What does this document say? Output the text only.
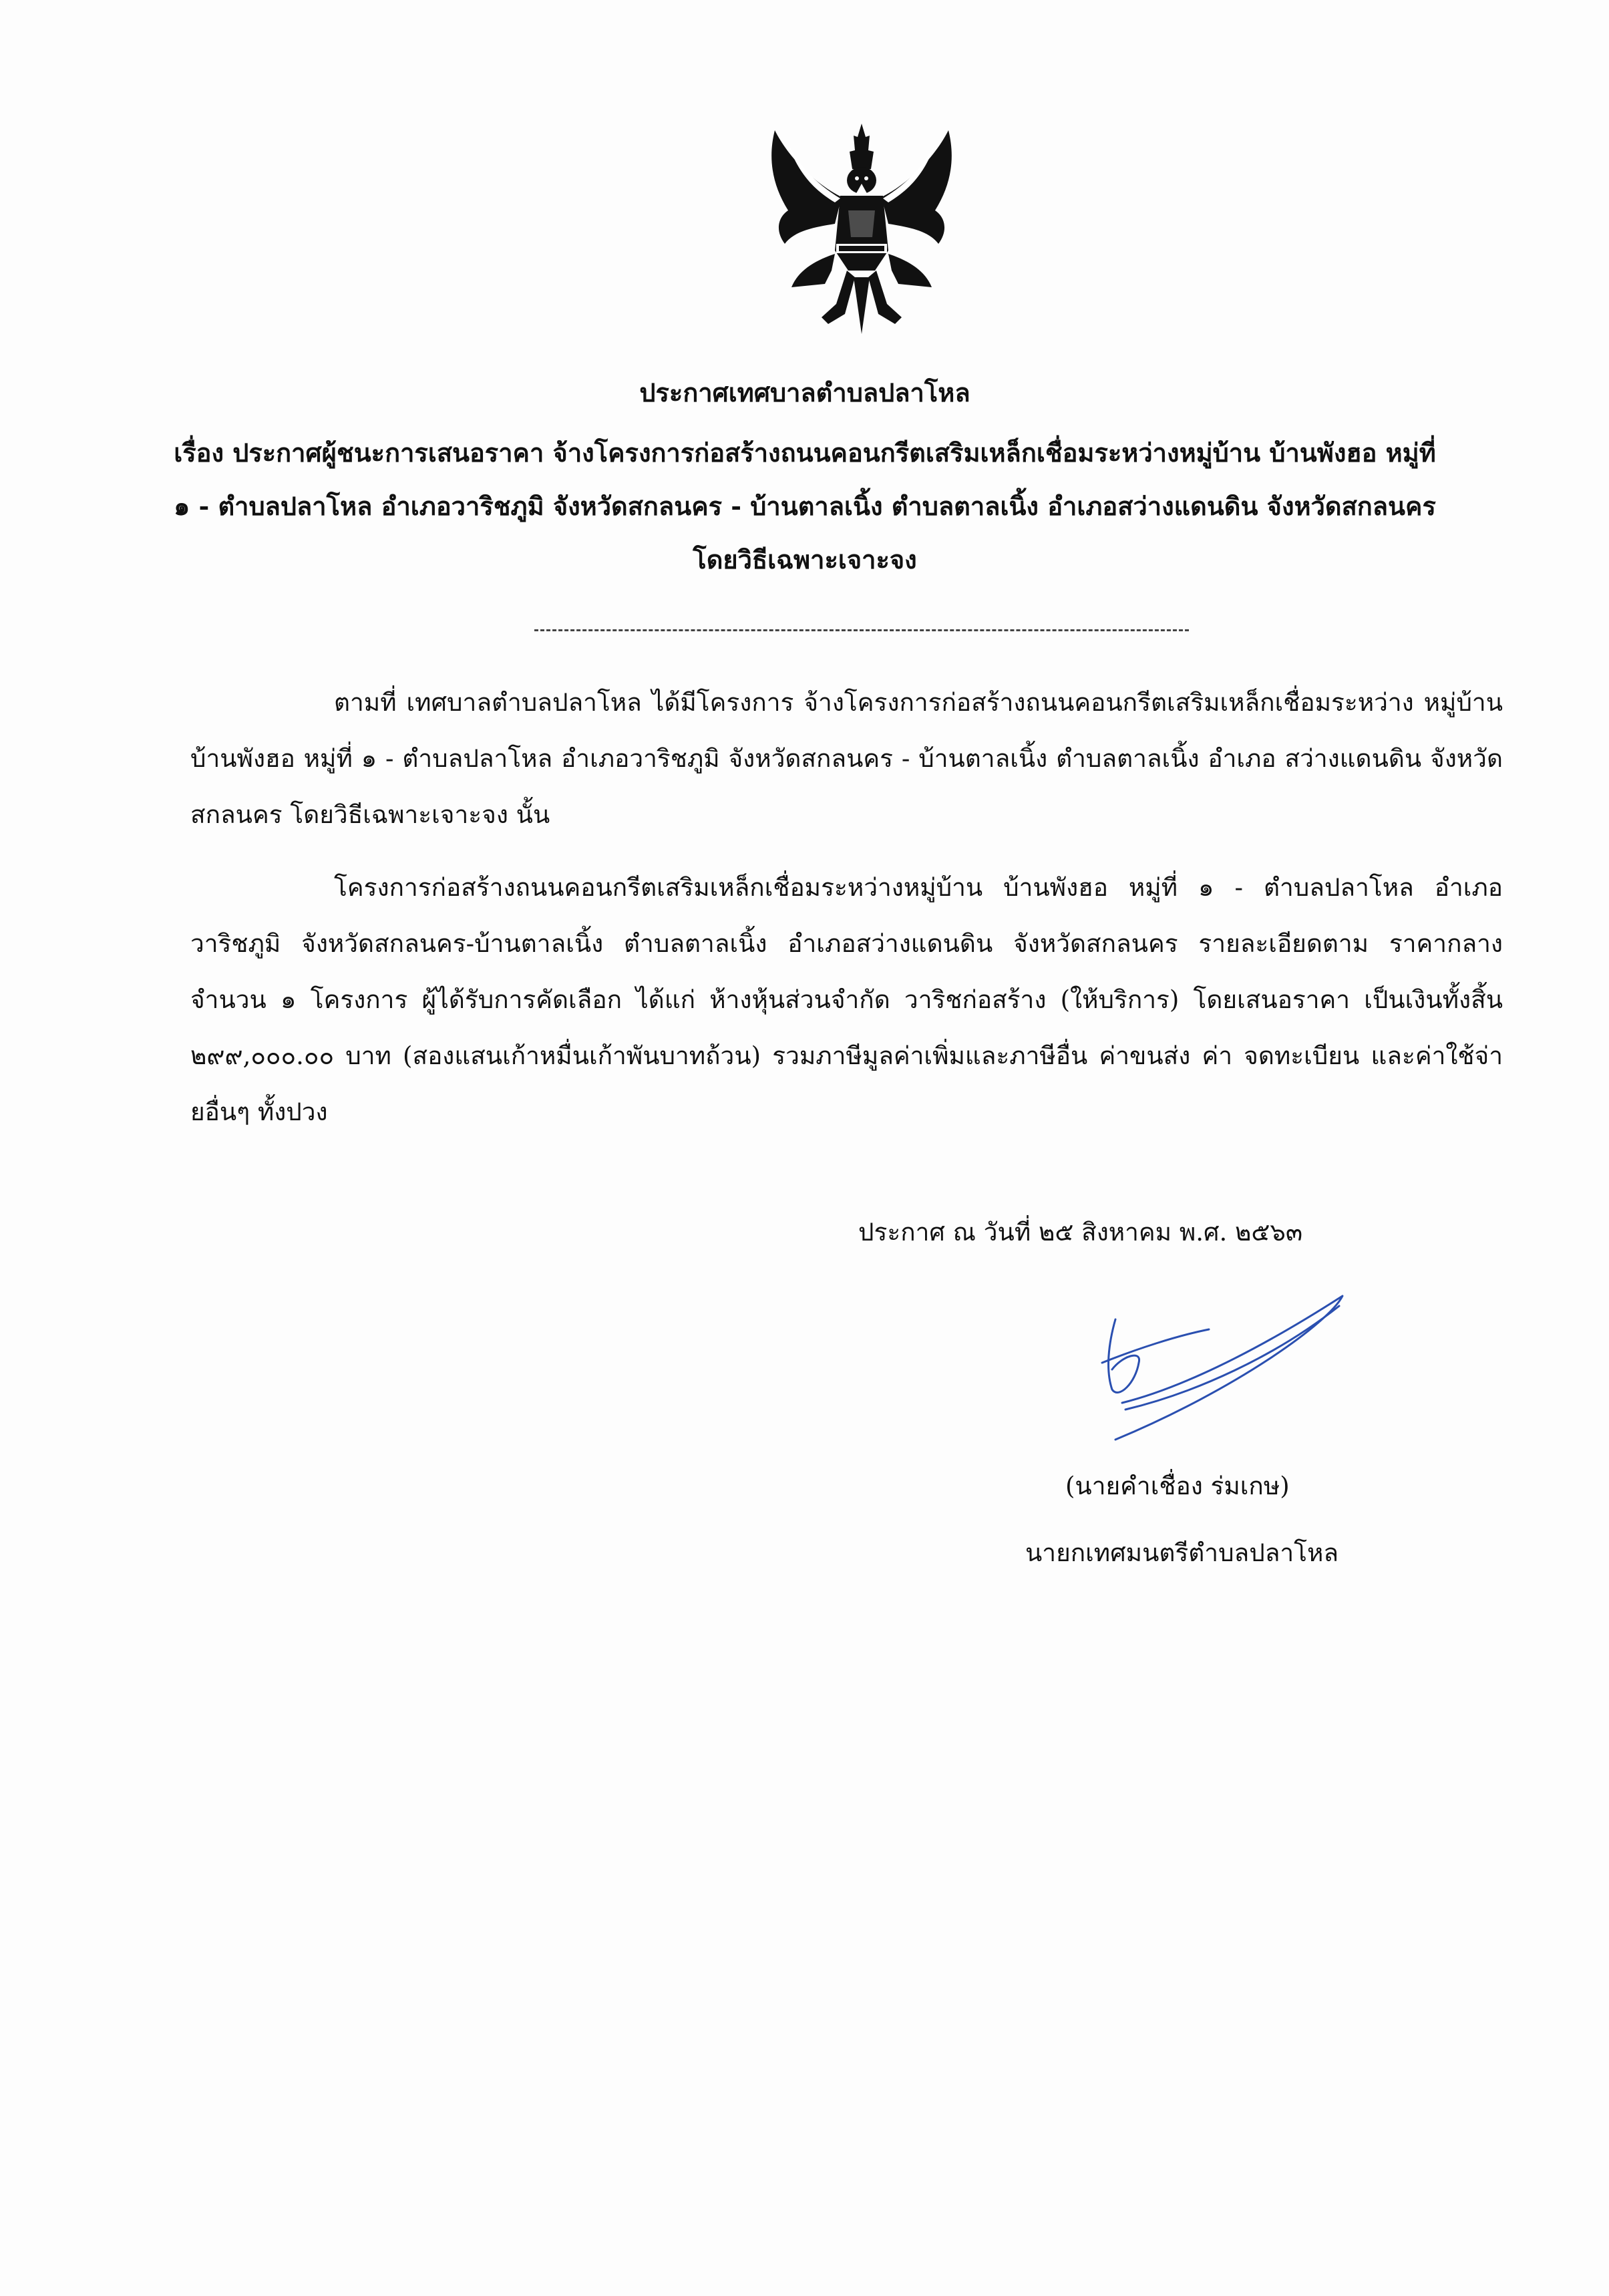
ประกาศเทศบาลตำบลปลาโหล
เรื่อง ประกาศผู้ชนะการเสนอราคา จ้างโครงการก่อสร้างถนนคอนกรีตเสริมเหล็กเชื่อมระหว่างหมู่บ้าน บ้านพังฮอ หมู่ที่ ๑ - ตำบลปลาโหล อำเภอวาริชภูมิ จังหวัดสกลนคร - บ้านตาลเนิ้ง ตำบลตาลเนิ้ง อำเภอสว่างแดนดิน จังหวัดสกลนคร โดยวิธีเฉพาะเจาะจง
ตามที่ เทศบาลตำบลปลาโหล ได้มีโครงการ จ้างโครงการก่อสร้างถนนคอนกรีตเสริมเหล็กเชื่อมระหว่าง หมู่บ้าน บ้านพังฮอ หมู่ที่ ๑ - ตำบลปลาโหล อำเภอวาริชภูมิ จังหวัดสกลนคร - บ้านตาลเนิ้ง ตำบลตาลเนิ้ง อำเภอ สว่างแดนดิน จังหวัดสกลนคร โดยวิธีเฉพาะเจาะจง นั้น
โครงการก่อสร้างถนนคอนกรีตเสริมเหล็กเชื่อมระหว่างหมู่บ้าน บ้านพังฮอ หมู่ที่ ๑ - ตำบลปลาโหล อำเภอวาริชภูมิ จังหวัดสกลนคร-บ้านตาลเนิ้ง ตำบลตาลเนิ้ง อำเภอสว่างแดนดิน จังหวัดสกลนคร รายละเอียดตาม ราคากลาง จำนวน ๑ โครงการ ผู้ได้รับการคัดเลือก ได้แก่ ห้างหุ้นส่วนจำกัด วาริชก่อสร้าง (ให้บริการ) โดยเสนอราคา เป็นเงินทั้งสิ้น ๒๙๙,๐๐๐.๐๐ บาท (สองแสนเก้าหมื่นเก้าพันบาทถ้วน) รวมภาษีมูลค่าเพิ่มและภาษีอื่น ค่าขนส่ง ค่า จดทะเบียน และค่าใช้จ่ายอื่นๆ ทั้งปวง
ประกาศ ณ วันที่ ๒๕ สิงหาคม พ.ศ. ๒๕๖๓
(นายคำเชื่อง ร่มเกษ)
นายกเทศมนตรีตำบลปลาโหล
